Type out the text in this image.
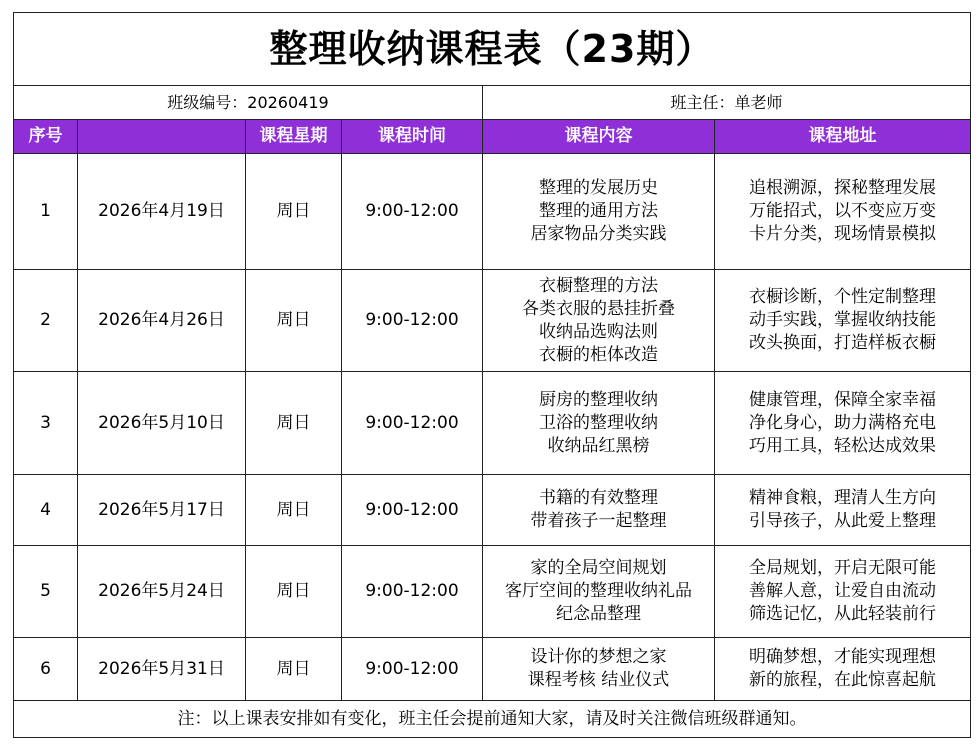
整理收纳课程表（23期）					
班级编号：20260419				班主任：单老师	
序号		课程星期	课程时间	课程内容	课程地址
1	2026年4月19日	周日	9:00-12:00	整理的发展历史
整理的通用方法
居家物品分类实践	追根溯源，探秘整理发展
万能招式，以不变应万变
卡片分类，现场情景模拟

2	2026年4月26日	周日	9:00-12:00	衣橱整理的方法
各类衣服的悬挂折叠
收纳品选购法则
衣橱的柜体改造	衣橱诊断，个性定制整理
动手实践，掌握收纳技能
改头换面，打造样板衣橱

3	2026年5月10日	周日	9:00-12:00	厨房的整理收纳
卫浴的整理收纳
收纳品红黑榜	健康管理，保障全家幸福
净化身心，助力满格充电
巧用工具，轻松达成效果

4	2026年5月17日	周日	9:00-12:00	书籍的有效整理
带着孩子一起整理	精神食粮，理清人生方向
引导孩子，从此爱上整理

5	2026年5月24日	周日	9:00-12:00	家的全局空间规划
客厅空间的整理收纳礼品
纪念品整理	全局规划，开启无限可能
善解人意，让爱自由流动
筛选记忆，从此轻装前行

6	2026年5月31日	周日	9:00-12:00	设计你的梦想之家
课程考核 结业仪式	明确梦想，才能实现理想
新的旅程，在此惊喜起航

注：以上课表安排如有变化，班主任会提前通知大家，请及时关注微信班级群通知。					
